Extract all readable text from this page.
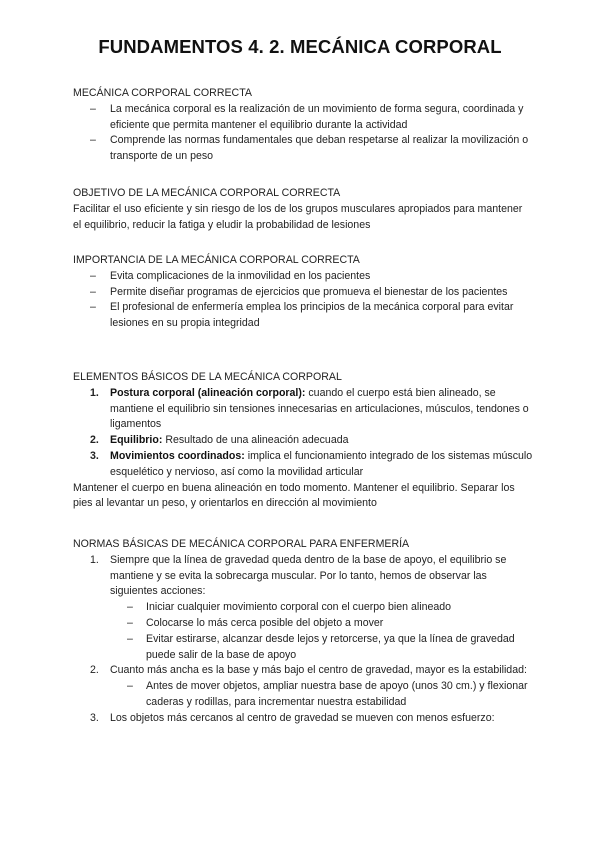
FUNDAMENTOS 4. 2. MECÁNICA CORPORAL

MECÁNICA CORPORAL CORRECTA

– La mecánica corporal es la realización de un movimiento de forma segura, coordinada y eficiente que permita mantener el equilibrio durante la actividad
– Comprende las normas fundamentales que deban respetarse al realizar la movilización o transporte de un peso

OBJETIVO DE LA MECÁNICA CORPORAL CORRECTA

Facilitar el uso eficiente y sin riesgo de los de los grupos musculares apropiados para mantener el equilibrio, reducir la fatiga y eludir la probabilidad de lesiones

IMPORTANCIA DE LA MECÁNICA CORPORAL CORRECTA

– Evita complicaciones de la inmovilidad en los pacientes
– Permite diseñar programas de ejercicios que promueva el bienestar de los pacientes
– El profesional de enfermería emplea los principios de la mecánica corporal para evitar lesiones en su propia integridad

ELEMENTOS BÁSICOS DE LA MECÁNICA CORPORAL

1. Postura corporal (alineación corporal): cuando el cuerpo está bien alineado, se mantiene el equilibrio sin tensiones innecesarias en articulaciones, músculos, tendones o ligamentos
2. Equilibrio: Resultado de una alineación adecuada
3. Movimientos coordinados: implica el funcionamiento integrado de los sistemas músculo esquelético y nervioso, así como la movilidad articular

Mantener el cuerpo en buena alineación en todo momento. Mantener el equilibrio. Separar los pies al levantar un peso, y orientarlos en dirección al movimiento

NORMAS BÁSICAS DE MECÁNICA CORPORAL PARA ENFERMERÍA

1. Siempre que la línea de gravedad queda dentro de la base de apoyo, el equilibrio se mantiene y se evita la sobrecarga muscular. Por lo tanto, hemos de observar las siguientes acciones:
– Iniciar cualquier movimiento corporal con el cuerpo bien alineado
– Colocarse lo más cerca posible del objeto a mover
– Evitar estirarse, alcanzar desde lejos y retorcerse, ya que la línea de gravedad puede salir de la base de apoyo
2. Cuanto más ancha es la base y más bajo el centro de gravedad, mayor es la estabilidad:
– Antes de mover objetos, ampliar nuestra base de apoyo (unos 30 cm.) y flexionar caderas y rodillas, para incrementar nuestra estabilidad
3. Los objetos más cercanos al centro de gravedad se mueven con menos esfuerzo:
